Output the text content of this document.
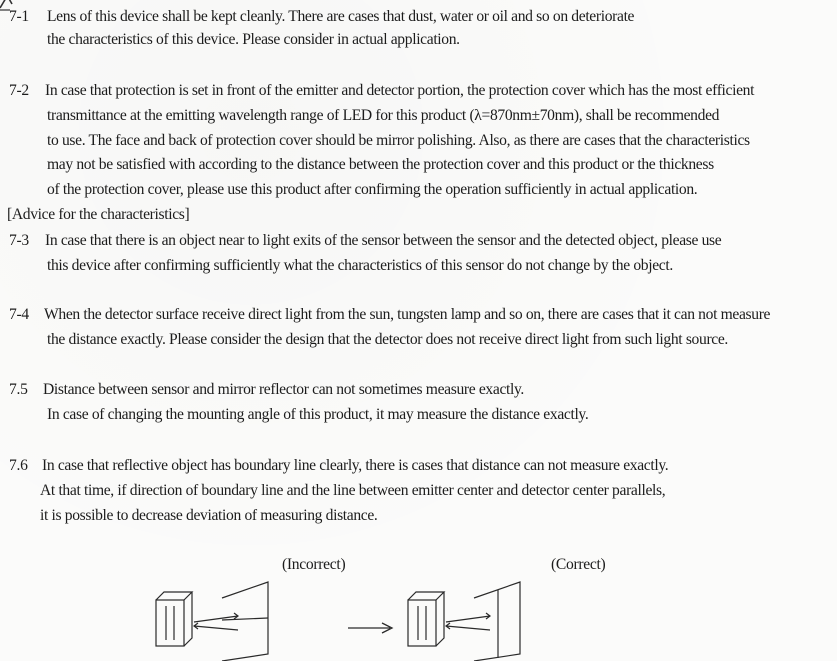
7-1 Lens of this device shall be kept cleanly. There are cases that dust, water or oil and so on deteriorate
the characteristics of this device. Please consider in actual application.
7-2 In case that protection is set in front of the emitter and detector portion, the protection cover which has the most efficient
transmittance at the emitting wavelength range of LED for this product (λ=870nm±70nm), shall be recommended
to use. The face and back of protection cover should be mirror polishing. Also, as there are cases that the characteristics
may not be satisfied with according to the distance between the protection cover and this product or the thickness
of the protection cover, please use this product after confirming the operation sufficiently in actual application.
[Advice for the characteristics]
7-3 In case that there is an object near to light exits of the sensor between the sensor and the detected object, please use
this device after confirming sufficiently what the characteristics of this sensor do not change by the object.
7-4 When the detector surface receive direct light from the sun, tungsten lamp and so on, there are cases that it can not measure
the distance exactly. Please consider the design that the detector does not receive direct light from such light source.
7.5 Distance between sensor and mirror reflector can not sometimes measure exactly.
In case of changing the mounting angle of this product, it may measure the distance exactly.
7.6 In case that reflective object has boundary line clearly, there is cases that distance can not measure exactly.
At that time, if direction of boundary line and the line between emitter center and detector center parallels,
it is possible to decrease deviation of measuring distance.
(Incorrect)	(Correct)
